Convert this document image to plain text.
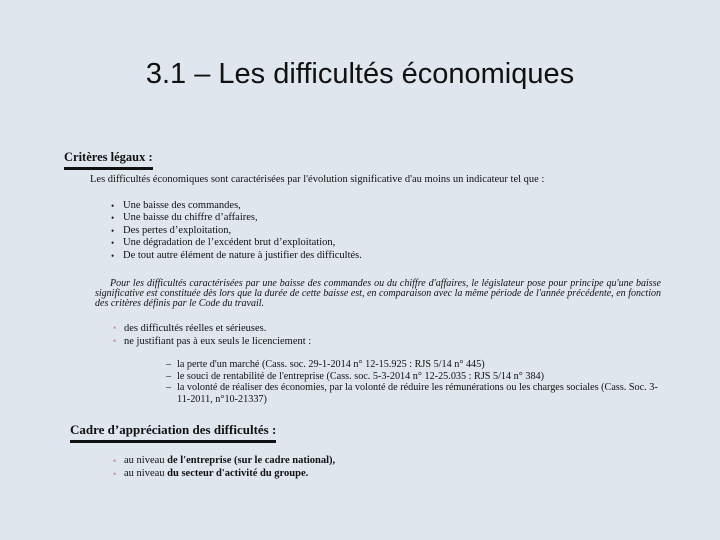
3.1 – Les difficultés économiques
Critères légaux :
Les difficultés économiques sont caractérisées par l'évolution significative d'au moins un indicateur tel que :
• Une baisse des commandes,
• Une baisse du chiffre d’affaires,
• Des pertes d’exploitation,
• Une dégradation de l’excédent brut d’exploitation,
• De tout autre élément de nature à justifier des difficultés.
Pour les difficultés caractérisées par une baisse des commandes ou du chiffre d'affaires, le législateur pose pour principe qu'une baisse significative est constituée dès lors que la durée de cette baisse est, en comparaison avec la même période de l'année précédente, en fonction des critères définis par le Code du travail.
• des difficultés réelles et sérieuses.
• ne justifiant pas à eux seuls le licenciement :
– la perte d'un marché (Cass. soc. 29-1-2014 n° 12-15.925 : RJS 5/14 n° 445)
– le souci de rentabilité de l'entreprise (Cass. soc. 5-3-2014 n° 12-25.035 : RJS 5/14 n° 384)
– la volonté de réaliser des économies, par la volonté de réduire les rémunérations ou les charges sociales (Cass. Soc. 3-11-2011, n°10-21337)
Cadre d’appréciation des difficultés :
• au niveau de l'entreprise (sur le cadre national),
• au niveau du secteur d'activité du groupe.
